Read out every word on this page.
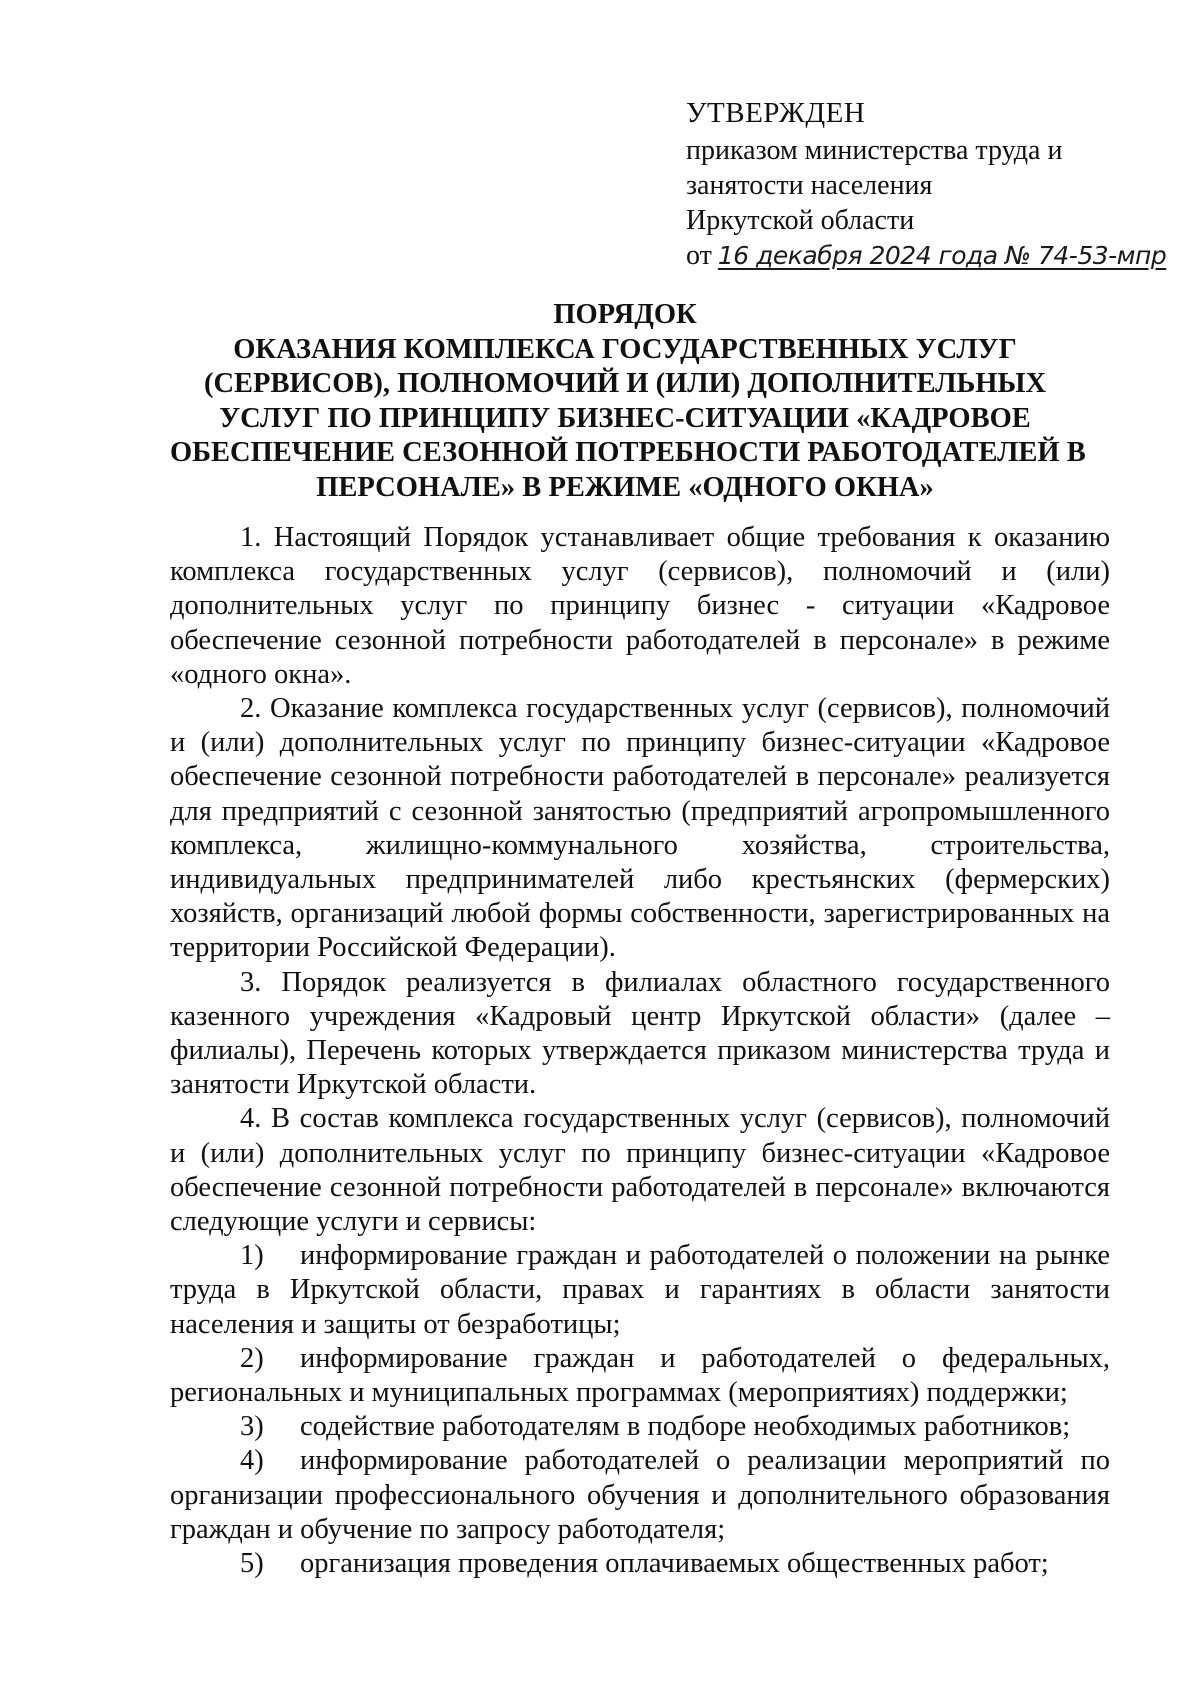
УТВЕРЖДЕН
приказом министерства труда и
занятости населения
Иркутской области
от 16 декабря 2024 года № 74-53-мпр
ПОРЯДОК
ОКАЗАНИЯ КОМПЛЕКСА ГОСУДАРСТВЕННЫХ УСЛУГ
(СЕРВИСОВ), ПОЛНОМОЧИЙ И (ИЛИ) ДОПОЛНИТЕЛЬНЫХ
УСЛУГ ПО ПРИНЦИПУ БИЗНЕС-СИТУАЦИИ «КАДРОВОЕ
ОБЕСПЕЧЕНИЕ СЕЗОННОЙ ПОТРЕБНОСТИ РАБОТОДАТЕЛЕЙ В
ПЕРСОНАЛЕ» В РЕЖИМЕ «ОДНОГО ОКНА»

1. Настоящий Порядок устанавливает общие требования к оказанию комплекса государственных услуг (сервисов), полномочий и (или) дополнительных услуг по принципу бизнес - ситуации «Кадровое обеспечение сезонной потребности работодателей в персонале» в режиме «одного окна».

2. Оказание комплекса государственных услуг (сервисов), полномочий и (или) дополнительных услуг по принципу бизнес-ситуации «Кадровое обеспечение сезонной потребности работодателей в персонале» реализуется для предприятий с сезонной занятостью (предприятий агропромышленного комплекса, жилищно-коммунального хозяйства, строительства, индивидуальных предпринимателей либо крестьянских (фермерских) хозяйств, организаций любой формы собственности, зарегистрированных на территории Российской Федерации).

3. Порядок реализуется в филиалах областного государственного казенного учреждения «Кадровый центр Иркутской области» (далее – филиалы), Перечень которых утверждается приказом министерства труда и занятости Иркутской области.

4. В состав комплекса государственных услуг (сервисов), полномочий и (или) дополнительных услуг по принципу бизнес-ситуации «Кадровое обеспечение сезонной потребности работодателей в персонале» включаются следующие услуги и сервисы:

1) информирование граждан и работодателей о положении на рынке труда в Иркутской области, правах и гарантиях в области занятости населения и защиты от безработицы;

2) информирование граждан и работодателей о федеральных, региональных и муниципальных программах (мероприятиях) поддержки;

3) содействие работодателям в подборе необходимых работников;

4) информирование работодателей о реализации мероприятий по организации профессионального обучения и дополнительного образования граждан и обучение по запросу работодателя;

5) организация проведения оплачиваемых общественных работ;
